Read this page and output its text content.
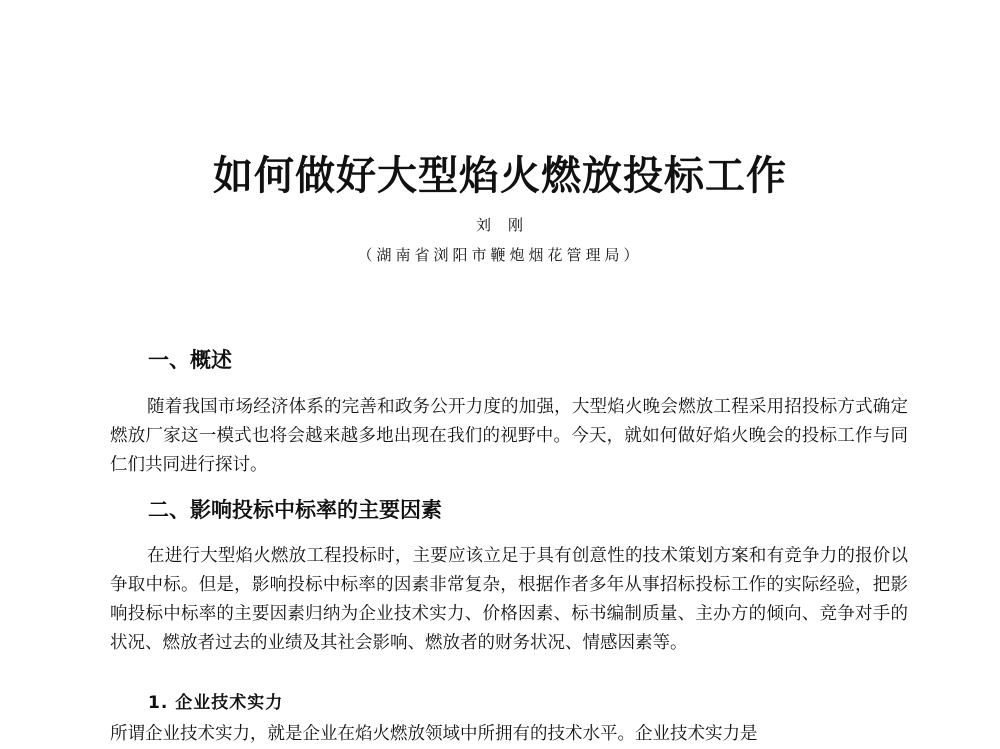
如何做好大型焰火燃放投标工作
刘　刚
（湖南省浏阳市鞭炮烟花管理局）
一、概述

随着我国市场经济体系的完善和政务公开力度的加强，大型焰火晚会燃放工程采用招投标方式确定燃放厂家这一模式也将会越来越多地出现在我们的视野中。今天，就如何做好焰火晚会的投标工作与同仁们共同进行探讨。

二、影响投标中标率的主要因素

在进行大型焰火燃放工程投标时，主要应该立足于具有创意性的技术策划方案和有竞争力的报价以争取中标。但是，影响投标中标率的因素非常复杂，根据作者多年从事招标投标工作的实际经验，把影响投标中标率的主要因素归纳为企业技术实力、价格因素、标书编制质量、主办方的倾向、竞争对手的状况、燃放者过去的业绩及其社会影响、燃放者的财务状况、情感因素等。

1. 企业技术实力
所谓企业技术实力，就是企业在焰火燃放领域中所拥有的技术水平。企业技术实力是
